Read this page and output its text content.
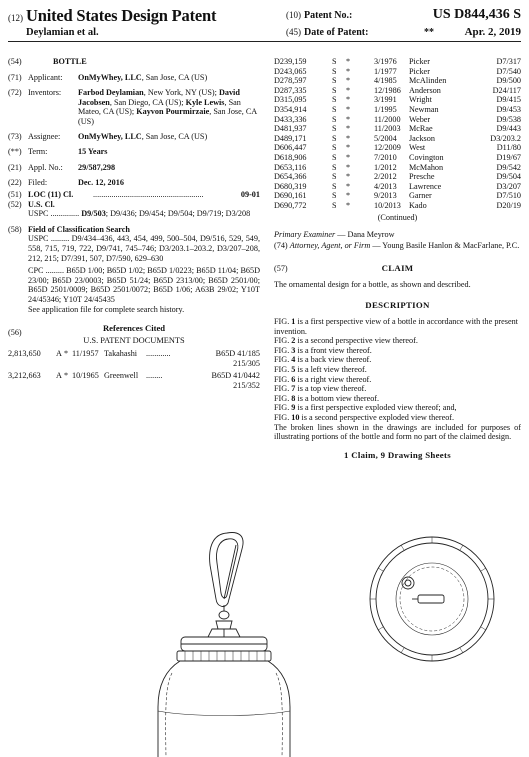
(12) United States Design Patent
Deylamian et al.
(10) Patent No.:	US D844,436 S
(45) Date of Patent:	**	Apr. 2, 2019
(54)	BOTTLE
(71) Applicant: OnMyWhey, LLC, San Jose, CA (US)
(72) Inventors: Farbod Deylamian, New York, NY (US); David Jacobsen, San Diego, CA (US); Kyle Lewis, San Mateo, CA (US); Kayvon Pourmirzaie, San Jose, CA (US)
(73) Assignee: OnMyWhey, LLC, San Jose, CA (US)
(**) Term:	15 Years
(21) Appl. No.: 29/587,298
(22) Filed:	Dec. 12, 2016
(51) LOC (11) Cl.	......................................................	09-01
(52) U.S. Cl.

USPC .............. D9/503; D9/436; D9/454; D9/504; D9/719; D3/208
(58) Field of Classification Search

USPC ......... D9/434–436, 443, 454, 499, 500–504, D9/516, 529, 549, 558, 715, 719, 722, D9/741, 745–746; D3/203.1–203.2, D3/207–208, 212, 215; D7/391, 507, D7/590, 629–630
CPC ......... B65D 1/00; B65D 1/02; B65D 1/0223; B65D 11/04; B65D 23/00; B65D 23/0003; B65D 51/24; B65D 2313/00; B65D 2501/00; B65D 2501/0009; B65D 2501/0072; B65D 1/06; A63B 29/02; Y10T 24/45346; Y10T 24/45435
See application file for complete search history.
(56)	References Cited
U.S. PATENT DOCUMENTS
2,813,650 A * 11/1957 Takahashi ............	B65D 41/185
215/305
3,212,663 A * 10/1965 Greenwell ........	B65D 41/0442
215/352
D239,159	S *	3/1976 Picker	D7/317
D243,065	S *	1/1977 Picker	D7/540
D278,597	S *	4/1985 McAlinden	D9/500
D287,335	S *	12/1986 Anderson	D24/117
D315,095	S *	3/1991 Wright	D9/415
D354,914	S *	1/1995 Newman	D9/453
D433,336	S *	11/2000 Weber	D9/538
D481,937	S *	11/2003 McRae	D9/443
D489,171	S *	5/2004 Jackson	D3/203.2
D606,447	S *	12/2009 West	D11/80
D618,906	S *	7/2010 Covington	D19/67
D653,116	S *	1/2012 McMahon	D9/542
D654,366	S *	2/2012 Presche	D9/504
D680,319	S *	4/2013 Lawrence	D3/207
D690,161	S *	9/2013 Garner	D7/510
D690,772	S *	10/2013 Kado	D20/19
(Continued)
Primary Examiner — Dana Meyrow
(74) Attorney, Agent, or Firm — Young Basile Hanlon & MacFarlane, P.C.
(57)	CLAIM
The ornamental design for a bottle, as shown and described.
DESCRIPTION
FIG. 1 is a first perspective view of a bottle in accordance with the present invention.
FIG. 2 is a second perspective view thereof.
FIG. 3 is a front view thereof.
FIG. 4 is a back view thereof.
FIG. 5 is a left view thereof.
FIG. 6 is a right view thereof.
FIG. 7 is a top view thereof.
FIG. 8 is a bottom view thereof.
FIG. 9 is a first perspective exploded view thereof; and,
FIG. 10 is a second perspective exploded view thereof.
The broken lines shown in the drawings are included for purposes of illustrating portions of the bottle and form no part of the claimed design.
1 Claim, 9 Drawing Sheets
